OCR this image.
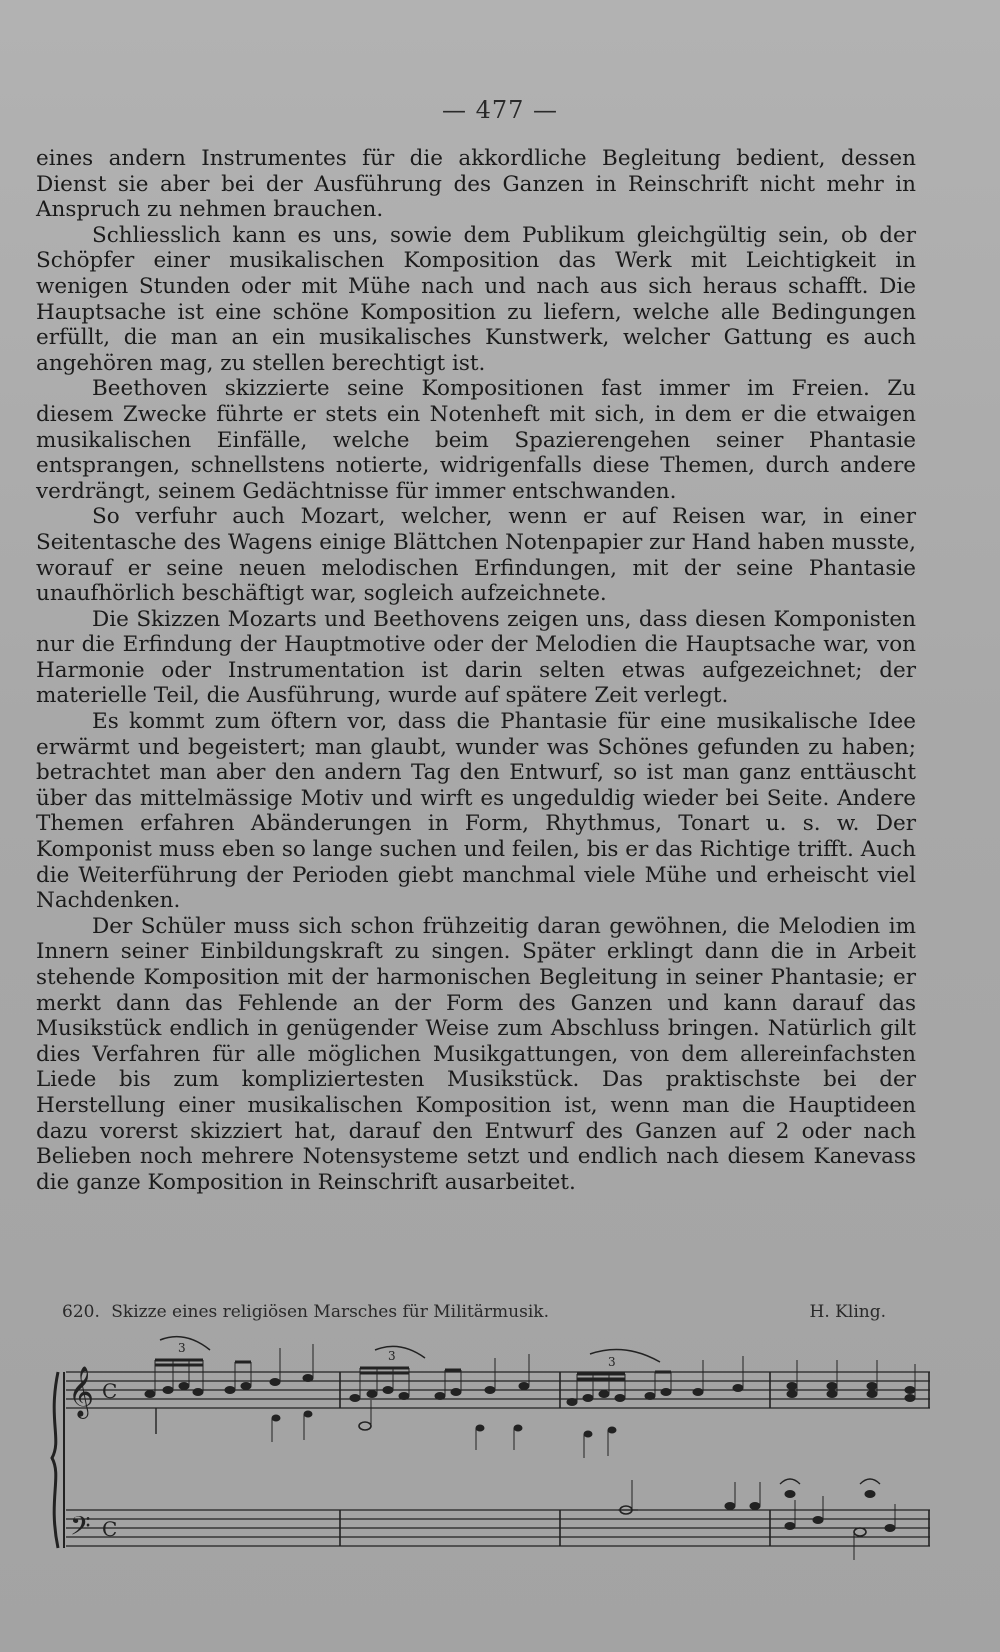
— 477 —

eines andern Instrumentes für die akkordliche Begleitung bedient, dessen Dienst sie aber bei der Ausführung des Ganzen in Reinschrift nicht mehr in Anspruch zu nehmen brauchen.

Schliesslich kann es uns, sowie dem Publikum gleichgültig sein, ob der Schöpfer einer musikalischen Komposition das Werk mit Leichtigkeit in wenigen Stunden oder mit Mühe nach und nach aus sich heraus schafft. Die Hauptsache ist eine schöne Komposition zu liefern, welche alle Bedingungen erfüllt, die man an ein musikalisches Kunstwerk, welcher Gattung es auch angehören mag, zu stellen berechtigt ist.

Beethoven skizzierte seine Kompositionen fast immer im Freien. Zu diesem Zwecke führte er stets ein Notenheft mit sich, in dem er die etwaigen musikalischen Einfälle, welche beim Spazierengehen seiner Phantasie entsprangen, schnellstens notierte, widrigenfalls diese Themen, durch andere verdrängt, seinem Gedächtnisse für immer entschwanden.

So verfuhr auch Mozart, welcher, wenn er auf Reisen war, in einer Seitentasche des Wagens einige Blättchen Notenpapier zur Hand haben musste, worauf er seine neuen melodischen Erfindungen, mit der seine Phantasie unaufhörlich beschäftigt war, sogleich aufzeichnete.

Die Skizzen Mozarts und Beethovens zeigen uns, dass diesen Komponisten nur die Erfindung der Hauptmotive oder der Melodien die Hauptsache war, von Harmonie oder Instrumentation ist darin selten etwas aufgezeichnet; der materielle Teil, die Ausführung, wurde auf spätere Zeit verlegt.

Es kommt zum öftern vor, dass die Phantasie für eine musikalische Idee erwärmt und begeistert; man glaubt, wunder was Schönes gefunden zu haben; betrachtet man aber den andern Tag den Entwurf, so ist man ganz enttäuscht über das mittelmässige Motiv und wirft es ungeduldig wieder bei Seite. Andere Themen erfahren Abänderungen in Form, Rhythmus, Tonart u. s. w. Der Komponist muss eben so lange suchen und feilen, bis er das Richtige trifft. Auch die Weiterführung der Perioden giebt manchmal viele Mühe und erheischt viel Nachdenken.

Der Schüler muss sich schon frühzeitig daran gewöhnen, die Melodien im Innern seiner Einbildungskraft zu singen. Später erklingt dann die in Arbeit stehende Komposition mit der harmonischen Begleitung in seiner Phantasie; er merkt dann das Fehlende an der Form des Ganzen und kann darauf das Musikstück endlich in genügender Weise zum Abschluss bringen. Natürlich gilt dies Verfahren für alle möglichen Musikgattungen, von dem allereinfachsten Liede bis zum kompliziertesten Musikstück. Das praktischste bei der Herstellung einer musikalischen Komposition ist, wenn man die Hauptideen dazu vorerst skizziert hat, darauf den Entwurf des Ganzen auf 2 oder nach Belieben noch mehrere Notensysteme setzt und endlich nach diesem Kanevass die ganze Komposition in Reinschrift ausarbeitet.

620. Skizze eines religiösen Marsches für Militärmusik.	H. Kling.
𝄞
𝄢
C
C
3
3	3
